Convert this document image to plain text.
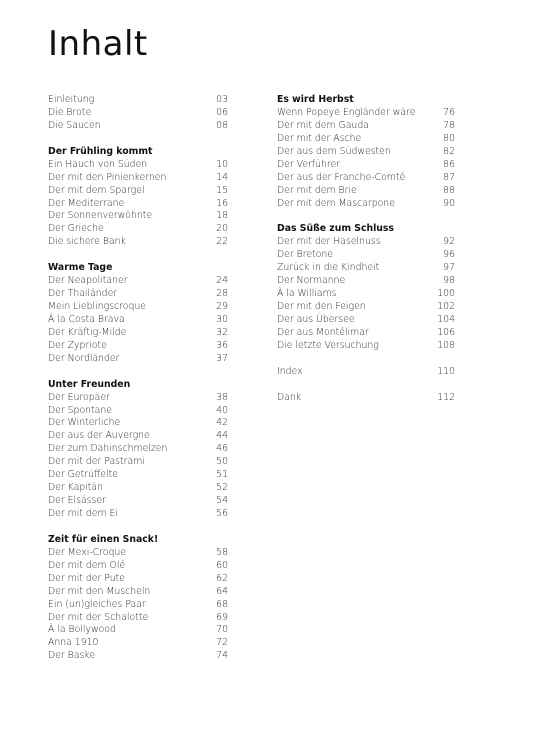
Inhalt
Einleitung	03
Die Brote	06
Die Saucen	08
Der Frühling kommt
Ein Hauch von Süden	10
Der mit den Pinienkernen	14
Der mit dem Spargel	15
Der Mediterrane	16
Der Sonnenverwöhnte	18
Der Grieche	20
Die sichere Bank	22
Warme Tage
Der Neapolitaner	24
Der Thailänder	28
Mein Lieblingscroque	29
À la Costa Brava	30
Der Kräftig-Milde	32
Der Zypriote	36
Der Nordländer	37
Unter Freunden
Der Europäer	38
Der Spontane	40
Der Winterliche	42
Der aus der Auvergne	44
Der zum Dahinschmelzen	46
Der mit der Pastrami	50
Der Getrüffelte	51
Der Kapitän	52
Der Elsässer	54
Der mit dem Ei	56
Zeit für einen Snack!
Der Mexi-Croque	58
Der mit dem Olé	60
Der mit der Pute	62
Der mit den Muscheln	64
Ein (un)gleiches Paar	68
Der mit der Schalotte	69
À la Bollywood	70
Anna 1910	72
Der Baske	74
Es wird Herbst
Wenn Popeye Engländer wäre	76
Der mit dem Gauda	78
Der mit der Asche	80
Der aus dem Südwesten	82
Der Verführer	86
Der aus der Franche-Comté	87
Der mit dem Brie	88
Der mit dem Mascarpone	90
Das Süße zum Schluss
Der mit der Haselnuss	92
Der Bretone	96
Zurück in die Kindheit	97
Der Normanne	98
À la Williams	100
Der mit den Feigen	102
Der aus Übersee	104
Der aus Montélimar	106
Die letzte Versuchung	108
Index	110
Dank	112
